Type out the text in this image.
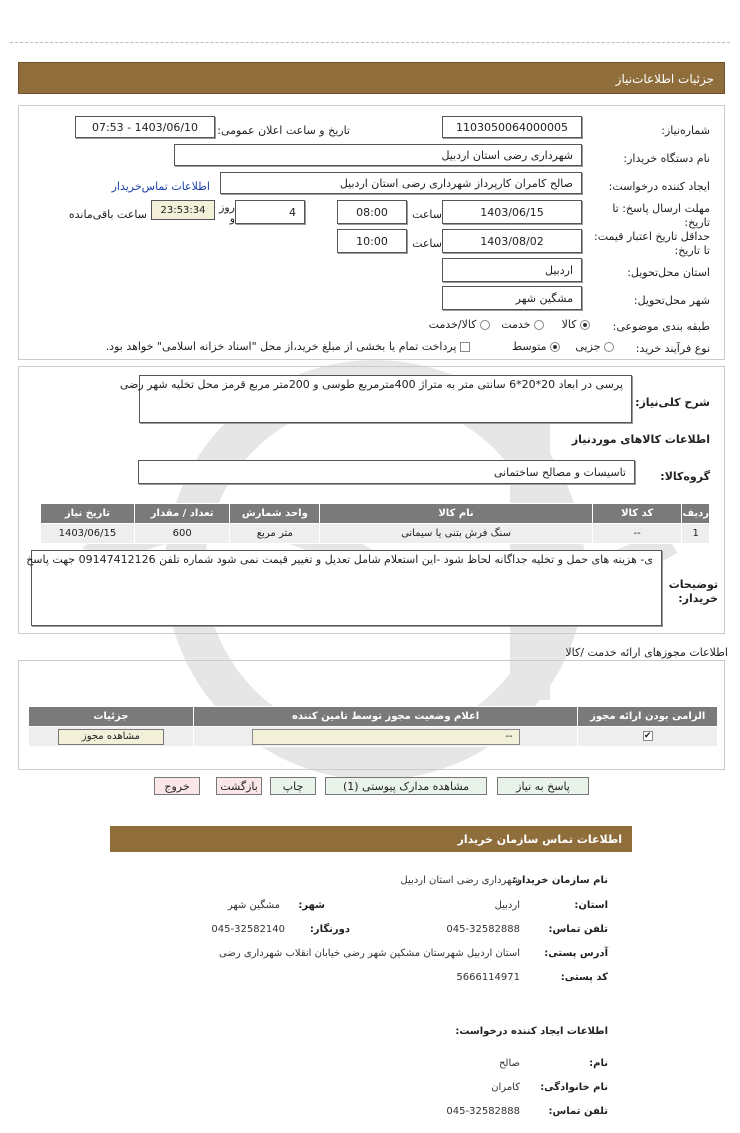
جزئیات اطلاعات‌نیاز
شماره‌نیاز:
1103050064000005
تاریخ و ساعت اعلان عمومی:
1403/06/10 - 07:53
نام دستگاه خریدار:
شهرداری رضی استان اردبیل
ایجاد کننده درخواست:
صالح کامران کارپرداز شهرداری رضی استان اردبیل
اطلاعات تماس‌خریدار
مهلت ارسال پاسخ: تا تاریخ:
1403/06/15
ساعت
08:00
4
روز و
23:53:34
ساعت باقی‌مانده
حداقل تاریخ اعتبار قیمت: تا تاریخ:
1403/08/02
ساعت
10:00
استان محل‌تحویل:
اردبیل
شهر محل‌تحویل:
مشگین شهر
طبقه بندی موضوعی:
کالا
خدمت
کالا/خدمت
نوع فرآیند خرید:
جزیی
متوسط
پرداخت تمام یا بخشی از مبلغ خرید،از محل "اسناد خزانه اسلامی" خواهد بود.
شرح کلی‌نیاز:
پرسی در ابعاد 20*20*6 سانتی متر به متراژ 400مترمربع طوسی و 200متر مربع قرمز محل تخلیه شهر رضی
اطلاعات کالاهای موردنیاز
گروه‌کالا:
تاسیسات و مصالح ساختمانی
ردیف	کد کالا	نام کالا	واحد شمارش	تعداد / مقدار	تاریخ نیاز
1	--	سنگ فرش بتنی یا سیمانی	متر مربع	600	1403/06/15
توضیحات خریدار:
ی- هزینه های حمل و تخلیه جداگانه لحاظ شود -این استعلام شامل تعدیل و تغییر قیمت نمی شود شماره تلفن 09147412126 جهت پاسخ
اطلاعات مجوزهای ارائه خدمت /کالا
الزامی بودن ارائه مجوز	اعلام وضعیت مجوز توسط تامین کننده	جزئیات
✔	--	مشاهده مجوز
پاسخ به نیاز
مشاهده مدارک پیوستی (1)
چاپ
بازگشت
خروج
اطلاعات تماس سازمان خریدار
نام سازمان خریدار:
شهرداری رضی استان اردبیل
استان:
اردبیل
شهر:
مشگین شهر
تلفن تماس:
045-32582888
دورنگار:
045-32582140
آدرس پستی:
استان اردبیل شهرستان مشکین شهر رضی خیابان انقلاب شهرداری رضی
کد پستی:
5666114971
اطلاعات ایجاد کننده درخواست:
نام:
صالح
نام خانوادگی:
کامران
تلفن تماس:
045-32582888
